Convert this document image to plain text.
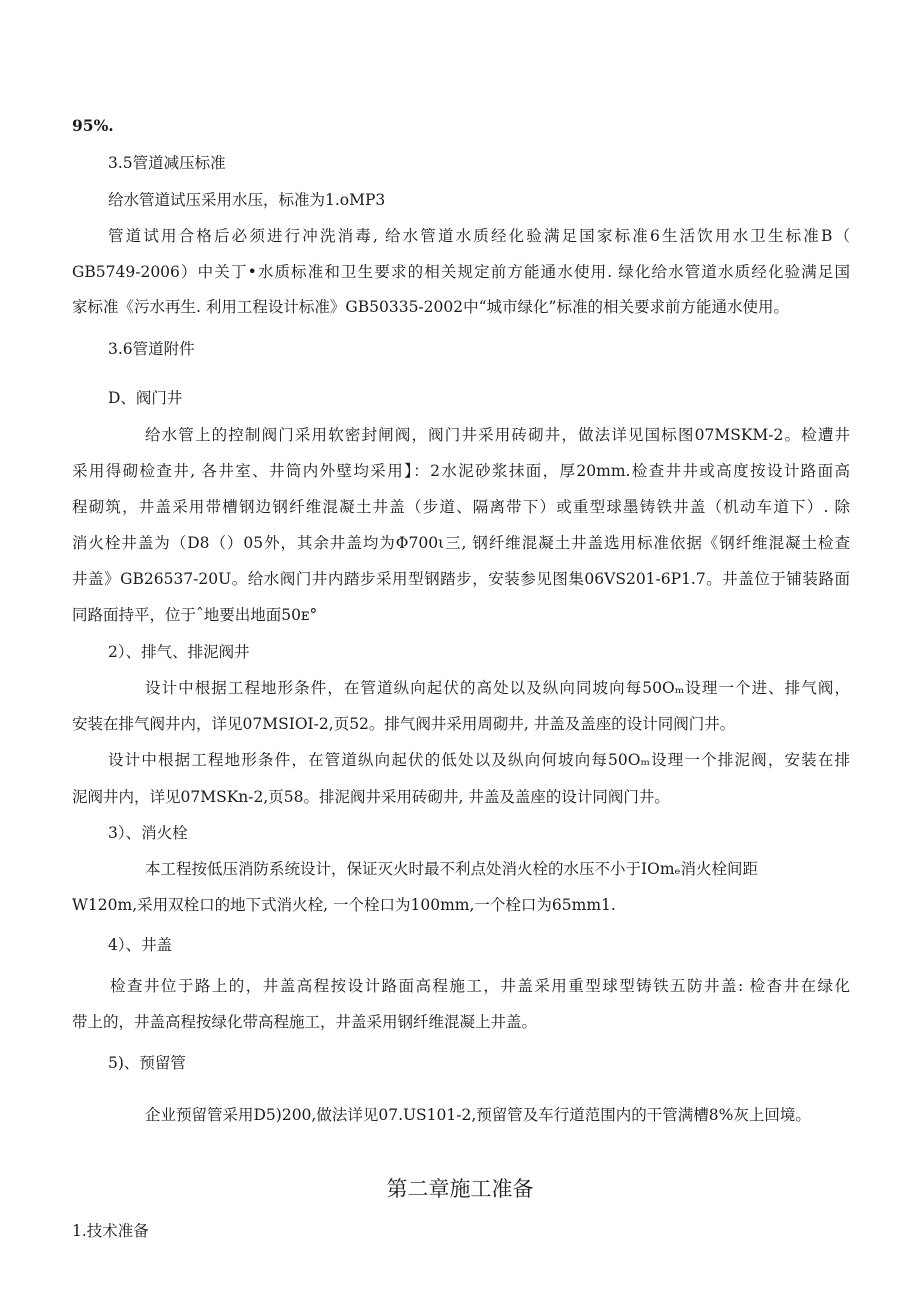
95%.

3.5管道减压标准

给水管道试压采用水压，标准为1.oMP3

管道试用合格后必须进行冲洗消毒, 给水管道水质经化验满足国家标准6生活饮用水卫生标准B（

GB5749-2006）中关丁•水质标准和卫生要求的相关规定前方能通水使用. 绿化给水管道水质经化验满足国

家标准《污水再生. 利用工程设计标准》GB50335-2002中“城市绿化”标准的相关要求前方能通水使用。

3.6管道附件

D、阀门井

给水管上的控制阀门采用软密封闸阀，阀门井采用砖砌井，做法详见国标图07MSKM-2。检遭井

采用得砌检查井, 各井室、井筒内外壁均采用】：2水泥砂浆抹面，厚20mm.检查井井或高度按设计路面高

程砌筑，井盖采用带槽钢边钢纤维混凝土井盖（步道、隔离带下）或重型球墨铸铁井盖（机动车道下）. 除

消火栓井盖为（D8（）05外，其余井盖均为Φ700ι三, 钢纤维混凝土井盖选用标准依据《钢纤维混凝土检查

井盖》GB26537-20U。给水阀门井内踏步采用型钢踏步，安装参见图集06VS201-6P1.7。井盖位于铺装路面

同路面持平，位于ˆ地要出地面50ᴇ°

2）、排气、排泥阀井

设计中根据工程地形条件，在管道纵向起伏的高处以及纵向同坡向每50Oₘ设理一个进、排气阀，

安装在排气阀井内，详见07MSIOI-2,页52。排气阀井采用周砌井, 井盖及盖座的设计同阀门井。

设计中根据工程地形条件，在管道纵向起伏的低处以及纵向何坡向每50Oₘ设理一个排泥阀，安装在排

泥阀井内，详见07MSKn-2,页58。排泥阀井采用砖砌井, 井盖及盖座的设计同阀门井。

3）、消火栓

本工程按低压消防系统设计，保证灭火时最不利点处消火栓的水压不小于IOmₑ消火栓间距

W120m,采用双栓口的地下式消火栓, 一个栓口为100mm,一个栓口为65mm1.

4）、井盖

检查井位于路上的，井盖高程按设计路面高程施工，井盖采用重型球型铸铁五防井盖: 检杳井在绿化

带上的，井盖高程按绿化带高程施工，井盖采用钢纤维混凝上井盖。

5)、预留管

企业预留管采用D5)200,做法详见07.US101-2,预留管及车行道范围内的干管满槽8%灰上回境。

第二章施工准备

1.技术准备
